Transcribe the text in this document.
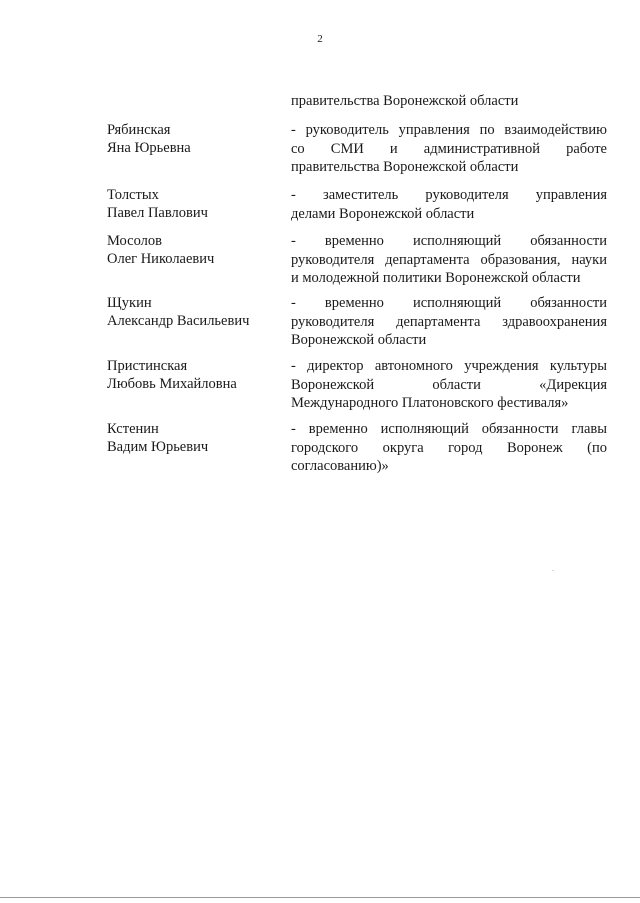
2
правительства Воронежской области
Рябинская
Яна Юрьевна
- руководитель управления по взаимодействию
со СМИ и административной работе
правительства Воронежской области
Толстых
Павел Павлович
- заместитель руководителя управления
делами Воронежской области
Мосолов
Олег Николаевич
- временно исполняющий обязанности
руководителя департамента образования, науки
и молодежной политики Воронежской области
Щукин
Александр Васильевич
- временно исполняющий обязанности
руководителя департамента здравоохранения
Воронежской области
Пристинская
Любовь Михайловна
- директор автономного учреждения культуры
Воронежской области «Дирекция
Международного Платоновского фестиваля»
Кстенин
Вадим Юрьевич
- временно исполняющий обязанности главы
городского округа город Воронеж (по
согласованию)»
